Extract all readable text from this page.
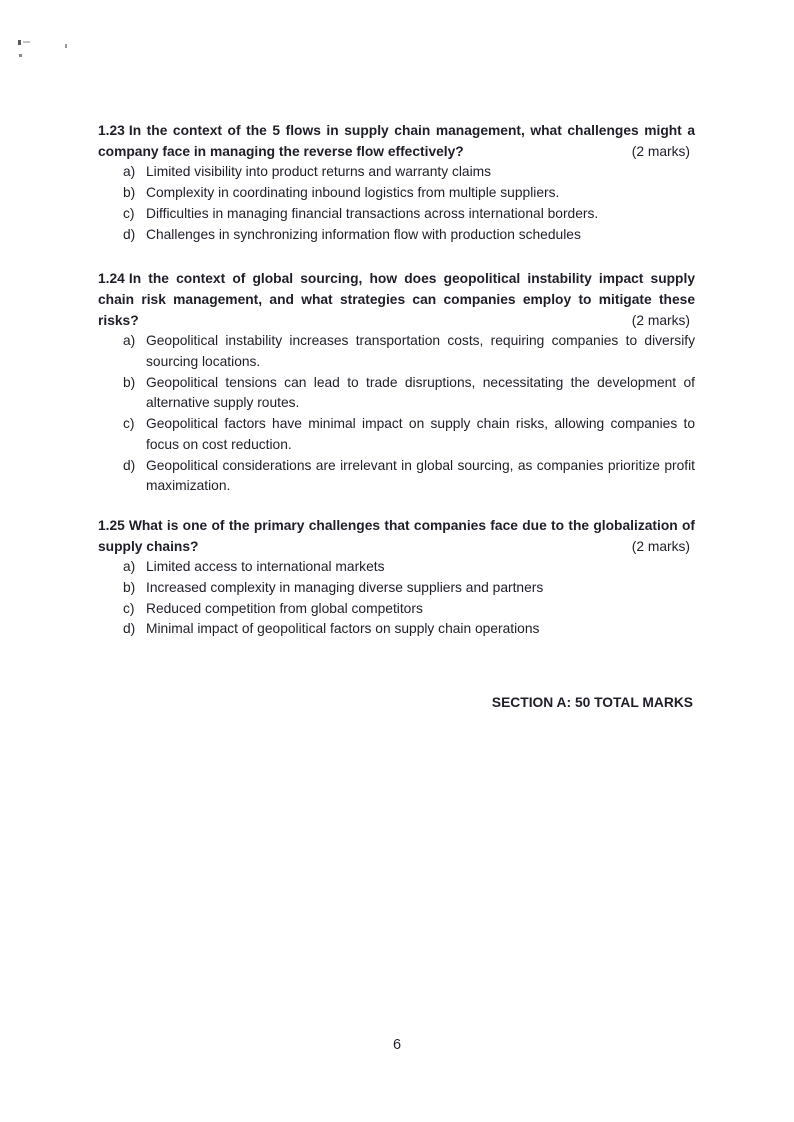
1.23 In the context of the 5 flows in supply chain management, what challenges might a company face in managing the reverse flow effectively?	(2 marks)

a) Limited visibility into product returns and warranty claims
b) Complexity in coordinating inbound logistics from multiple suppliers.
c) Difficulties in managing financial transactions across international borders.
d) Challenges in synchronizing information flow with production schedules

1.24 In the context of global sourcing, how does geopolitical instability impact supply chain risk management, and what strategies can companies employ to mitigate these risks?	(2 marks)

a) Geopolitical instability increases transportation costs, requiring companies to diversify sourcing locations.
b) Geopolitical tensions can lead to trade disruptions, necessitating the development of alternative supply routes.
c) Geopolitical factors have minimal impact on supply chain risks, allowing companies to focus on cost reduction.
d) Geopolitical considerations are irrelevant in global sourcing, as companies prioritize profit maximization.

1.25 What is one of the primary challenges that companies face due to the globalization of supply chains?	(2 marks)

a) Limited access to international markets
b) Increased complexity in managing diverse suppliers and partners
c) Reduced competition from global competitors
d) Minimal impact of geopolitical factors on supply chain operations
SECTION A: 50 TOTAL MARKS
6
